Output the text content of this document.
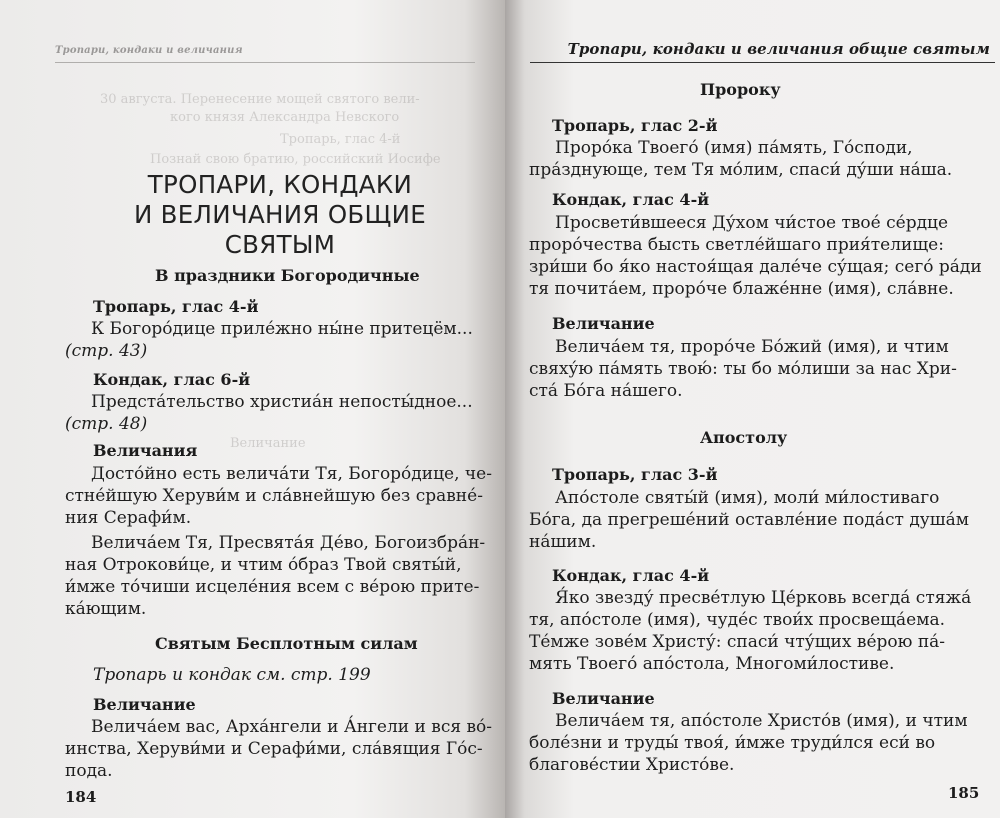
Тропари, кондаки и величания
30 августа. Перенесение мощей святого вели-
кого князя Александра Невского
Тропарь, глас 4-й
Познай свою братию, российский Иосифе
Величание
ТРОПАРИ, КОНДАКИ
И ВЕЛИЧАНИЯ ОБЩИЕ СВЯТЫМ
В праздники Богородичные
Тропарь, глас 4-й
К Богоро́дице приле́жно ны́не притецём...
(стр. 43)
Кондак, глас 6-й
Предста́тельство христиа́н непосты́дное...
(стр. 48)
Величания
Досто́йно есть велича́ти Тя, Богоро́дице, че-
стне́йшую Херуви́м и сла́внейшую без сравне́-
ния Серафи́м.
Велича́ем Тя, Пресвята́я Де́во, Богоизбра́н-
ная Отрокови́це, и чтим о́браз Твой святы́й,
и́мже то́чиши исцеле́ния всем с ве́рою прите-
ка́ющим.
Святым Бесплотным силам
Тропарь и кондак см. стр. 199
Величание
Велича́ем вас, Арха́нгели и А́нгели и вся во́-
инства, Херуви́ми и Серафи́ми, сла́вящия Го́с-
пода.
184
Тропари, кондаки и величания общие святым
Пророку
Тропарь, глас 2-й
Проро́ка Твоего́ (имя) па́мять, Го́споди,
пра́зднующе, тем Тя мо́лим, спаси́ ду́ши на́ша.
Кондак, глас 4-й
Просвети́вшееся Ду́хом чи́стое твое́ се́рдце
проро́чества бысть светле́йшаго прия́телище:
зри́ши бо я́ко настоя́щая дале́че су́щая; сего́ ра́ди
тя почита́ем, проро́че блаже́нне (имя), сла́вне.
Величание
Велича́ем тя, проро́че Бо́жий (имя), и чтим
свяху́ю па́мять твою́: ты бо мо́лиши за нас Хри-
ста́ Бо́га на́шего.
Апостолу
Тропарь, глас 3-й
Апо́столе святы́й (имя), моли́ ми́лостиваго
Бо́га, да прегреше́ний оставле́ние пода́ст душа́м
на́шим.
Кондак, глас 4-й
Я́ко звезду́ пресве́тлую Це́рковь всегда́ стяжа́
тя, апо́столе (имя), чуде́с твои́х просвеща́ема.
Те́мже зове́м Христу́: спаси́ чту́щих ве́рою па́-
мять Твоего́ апо́стола, Многоми́лостиве.
Величание
Велича́ем тя, апо́столе Христо́в (имя), и чтим
боле́зни и труды́ твоя́, и́мже труди́лся еси́ во
благове́стии Христо́ве.
185
